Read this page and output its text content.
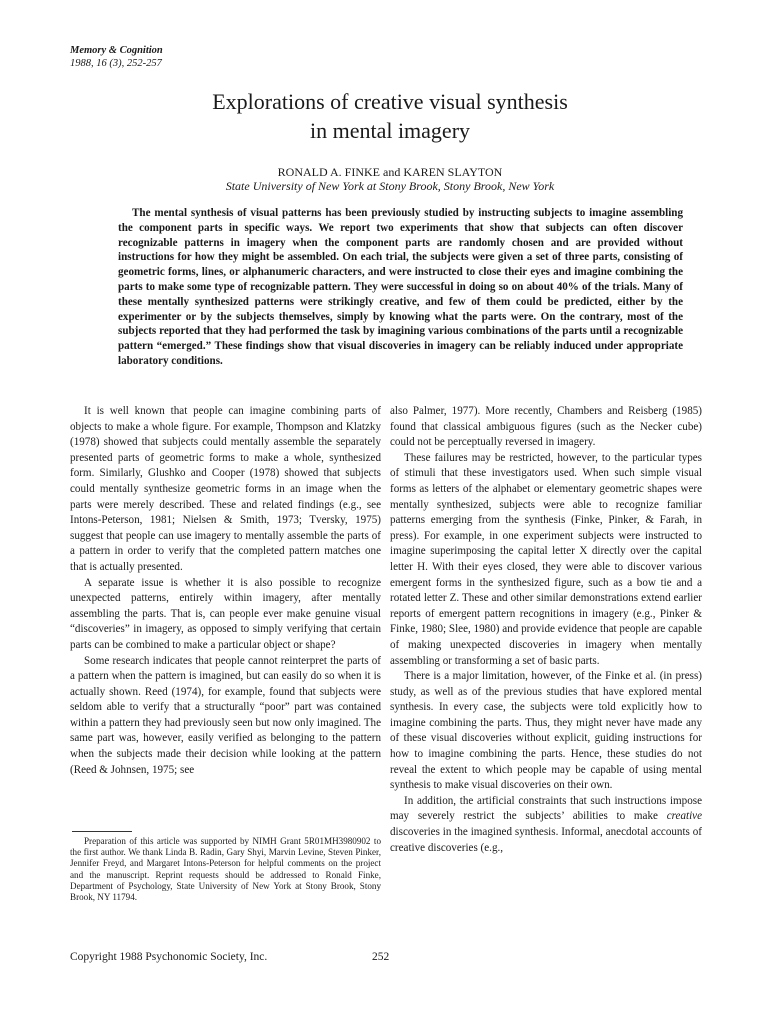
Memory & Cognition
1988, 16 (3), 252-257
Explorations of creative visual synthesis
in mental imagery
RONALD A. FINKE and KAREN SLAYTON
State University of New York at Stony Brook, Stony Brook, New York
The mental synthesis of visual patterns has been previously studied by instructing subjects to imagine assembling the component parts in specific ways. We report two experiments that show that subjects can often discover recognizable patterns in imagery when the component parts are randomly chosen and are provided without instructions for how they might be assembled. On each trial, the subjects were given a set of three parts, consisting of geometric forms, lines, or alphanumeric characters, and were instructed to close their eyes and imagine combining the parts to make some type of recognizable pattern. They were successful in doing so on about 40% of the trials. Many of these mentally synthesized patterns were strikingly creative, and few of them could be predicted, either by the experimenter or by the subjects themselves, simply by knowing what the parts were. On the contrary, most of the subjects reported that they had performed the task by imagining various combinations of the parts until a recognizable pattern “emerged.” These findings show that visual discoveries in imagery can be reliably induced under appropriate laboratory conditions.

It is well known that people can imagine combining parts of objects to make a whole figure. For example, Thompson and Klatzky (1978) showed that subjects could mentally assemble the separately presented parts of geometric forms to make a whole, synthesized form. Similarly, Glushko and Cooper (1978) showed that subjects could mentally synthesize geometric forms in an image when the parts were merely described. These and related findings (e.g., see Intons-Peterson, 1981; Nielsen & Smith, 1973; Tversky, 1975) suggest that people can use imagery to mentally assemble the parts of a pattern in order to verify that the completed pattern matches one that is actually presented.

A separate issue is whether it is also possible to recognize unexpected patterns, entirely within imagery, after mentally assembling the parts. That is, can people ever make genuine visual “discoveries” in imagery, as opposed to simply verifying that certain parts can be combined to make a particular object or shape?

Some research indicates that people cannot reinterpret the parts of a pattern when the pattern is imagined, but can easily do so when it is actually shown. Reed (1974), for example, found that subjects were seldom able to verify that a structurally “poor” part was contained within a pattern they had previously seen but now only imagined. The same part was, however, easily verified as belonging to the pattern when the subjects made their decision while looking at the pattern (Reed & Johnsen, 1975; see

Preparation of this article was supported by NIMH Grant 5R01MH3980902 to the first author. We thank Linda B. Radin, Gary Shyi, Marvin Levine, Steven Pinker, Jennifer Freyd, and Margaret Intons-Peterson for helpful comments on the project and the manuscript. Reprint requests should be addressed to Ronald Finke, Department of Psychology, State University of New York at Stony Brook, Stony Brook, NY 11794.

also Palmer, 1977). More recently, Chambers and Reisberg (1985) found that classical ambiguous figures (such as the Necker cube) could not be perceptually reversed in imagery.

These failures may be restricted, however, to the particular types of stimuli that these investigators used. When such simple visual forms as letters of the alphabet or elementary geometric shapes were mentally synthesized, subjects were able to recognize familiar patterns emerging from the synthesis (Finke, Pinker, & Farah, in press). For example, in one experiment subjects were instructed to imagine superimposing the capital letter X directly over the capital letter H. With their eyes closed, they were able to discover various emergent forms in the synthesized figure, such as a bow tie and a rotated letter Z. These and other similar demonstrations extend earlier reports of emergent pattern recognitions in imagery (e.g., Pinker & Finke, 1980; Slee, 1980) and provide evidence that people are capable of making unexpected discoveries in imagery when mentally assembling or transforming a set of basic parts.

There is a major limitation, however, of the Finke et al. (in press) study, as well as of the previous studies that have explored mental synthesis. In every case, the subjects were told explicitly how to imagine combining the parts. Thus, they might never have made any of these visual discoveries without explicit, guiding instructions for how to imagine combining the parts. Hence, these studies do not reveal the extent to which people may be capable of using mental synthesis to make visual discoveries on their own.

In addition, the artificial constraints that such instructions impose may severely restrict the subjects’ abilities to make creative discoveries in the imagined synthesis. Informal, anecdotal accounts of creative discoveries (e.g.,

Copyright 1988 Psychonomic Society, Inc.	252
